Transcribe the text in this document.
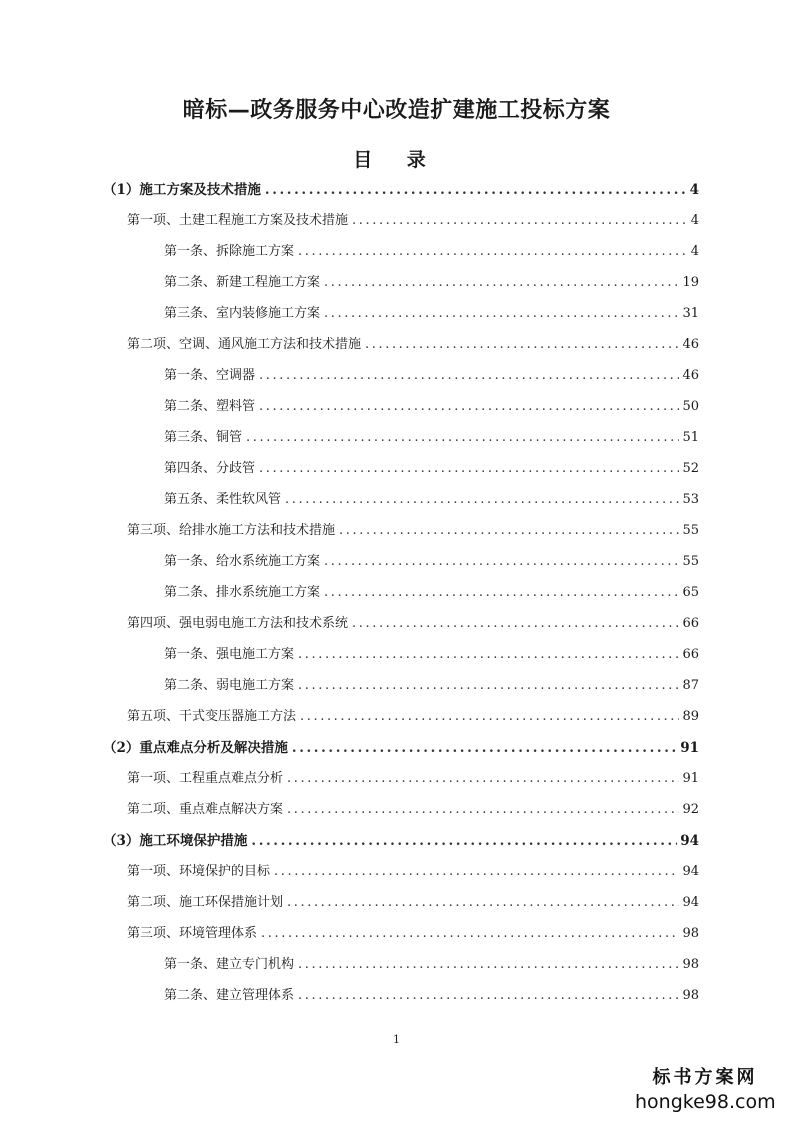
暗标—政务服务中心改造扩建施工投标方案
目 录
（1）施工方案及技术措施 .....	4
第一项、土建工程施工方案及技术措施 .....	4
第一条、拆除施工方案 .....	4
第二条、新建工程施工方案 .....	19
第三条、室内装修施工方案 .....	31
第二项、空调、通风施工方法和技术措施 .....	46
第一条、空调器 .....	46
第二条、塑料管 .....	50
第三条、铜管 .....	51
第四条、分歧管 .....	52
第五条、柔性软风管 .....	53
第三项、给排水施工方法和技术措施 .....	55
第一条、给水系统施工方案 .....	55
第二条、排水系统施工方案 .....	65
第四项、强电弱电施工方法和技术系统 .....	66
第一条、强电施工方案 .....	66
第二条、弱电施工方案 .....	87
第五项、干式变压器施工方法 .....	89
（2）重点难点分析及解决措施 .....	91
第一项、工程重点难点分析 .....	91
第二项、重点难点解决方案 .....	92
（3）施工环境保护措施 .....	94
第一项、环境保护的目标 .....	94
第二项、施工环保措施计划 .....	94
第三项、环境管理体系 .....	98
第一条、建立专门机构 .....	98
第二条、建立管理体系 .....	98
1
标书方案网
hongke98.com
